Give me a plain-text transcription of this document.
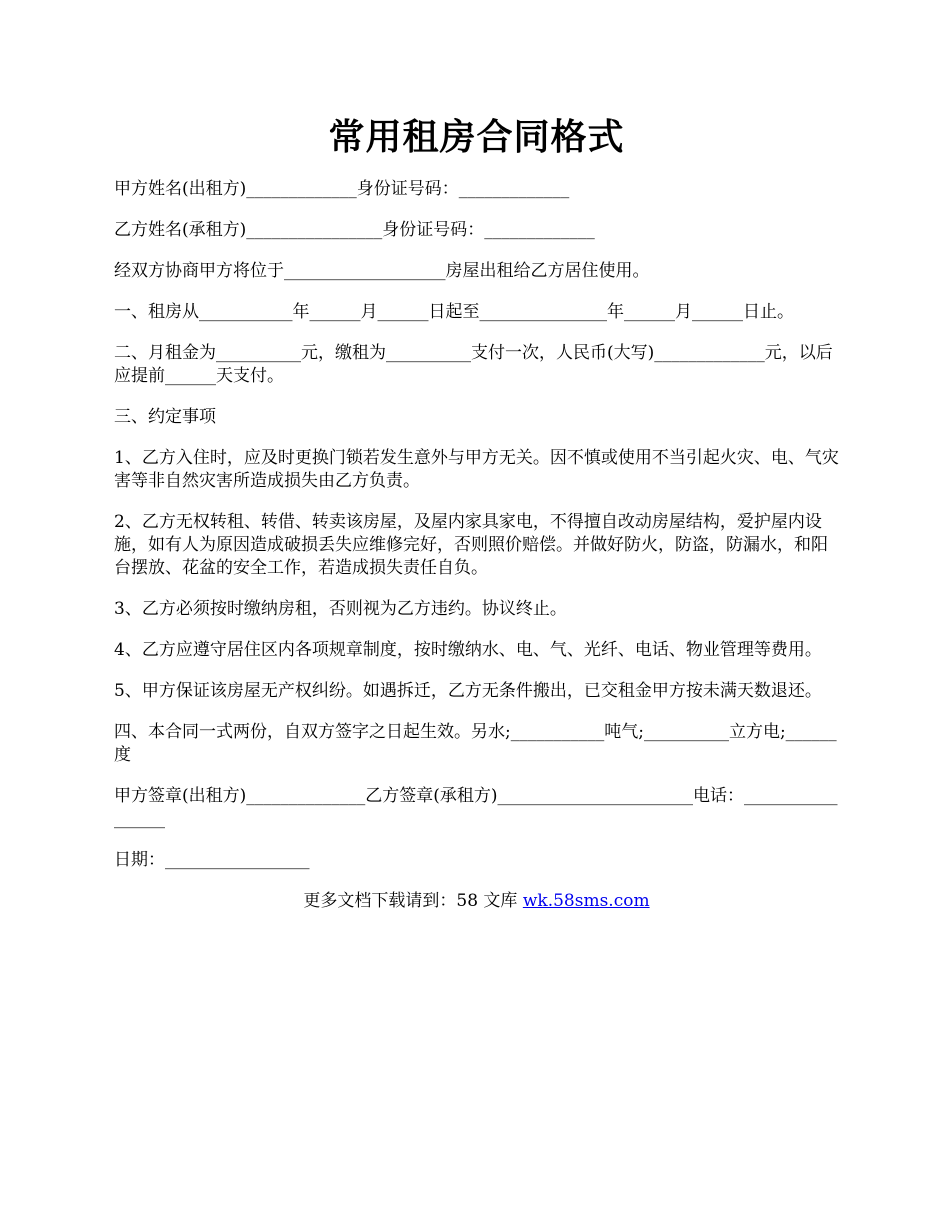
常用租房合同格式
甲方姓名(出租方)_____________身份证号码：_____________
乙方姓名(承租方)________________身份证号码：_____________
经双方协商甲方将位于___________________房屋出租给乙方居住使用。
一、租房从___________年______月______日起至_______________年______月______日止。
二、月租金为__________元，缴租为__________支付一次，人民币(大写)_____________元，以后应提前______天支付。
三、约定事项
1、乙方入住时，应及时更换门锁若发生意外与甲方无关。因不慎或使用不当引起火灾、电、气灾害等非自然灾害所造成损失由乙方负责。
2、乙方无权转租、转借、转卖该房屋，及屋内家具家电，不得擅自改动房屋结构，爱护屋内设施，如有人为原因造成破损丢失应维修完好，否则照价赔偿。并做好防火，防盗，防漏水，和阳台摆放、花盆的安全工作，若造成损失责任自负。
3、乙方必须按时缴纳房租，否则视为乙方违约。协议终止。
4、乙方应遵守居住区内各项规章制度，按时缴纳水、电、气、光纤、电话、物业管理等费用。
5、甲方保证该房屋无产权纠纷。如遇拆迁，乙方无条件搬出，已交租金甲方按未满天数退还。
四、本合同一式两份，自双方签字之日起生效。另水;___________吨气;__________立方电;______度
甲方签章(出租方)______________乙方签章(承租方)_______________________电话：_________________
日期：_________________
更多文档下载请到：58 文库 wk.58sms.com
